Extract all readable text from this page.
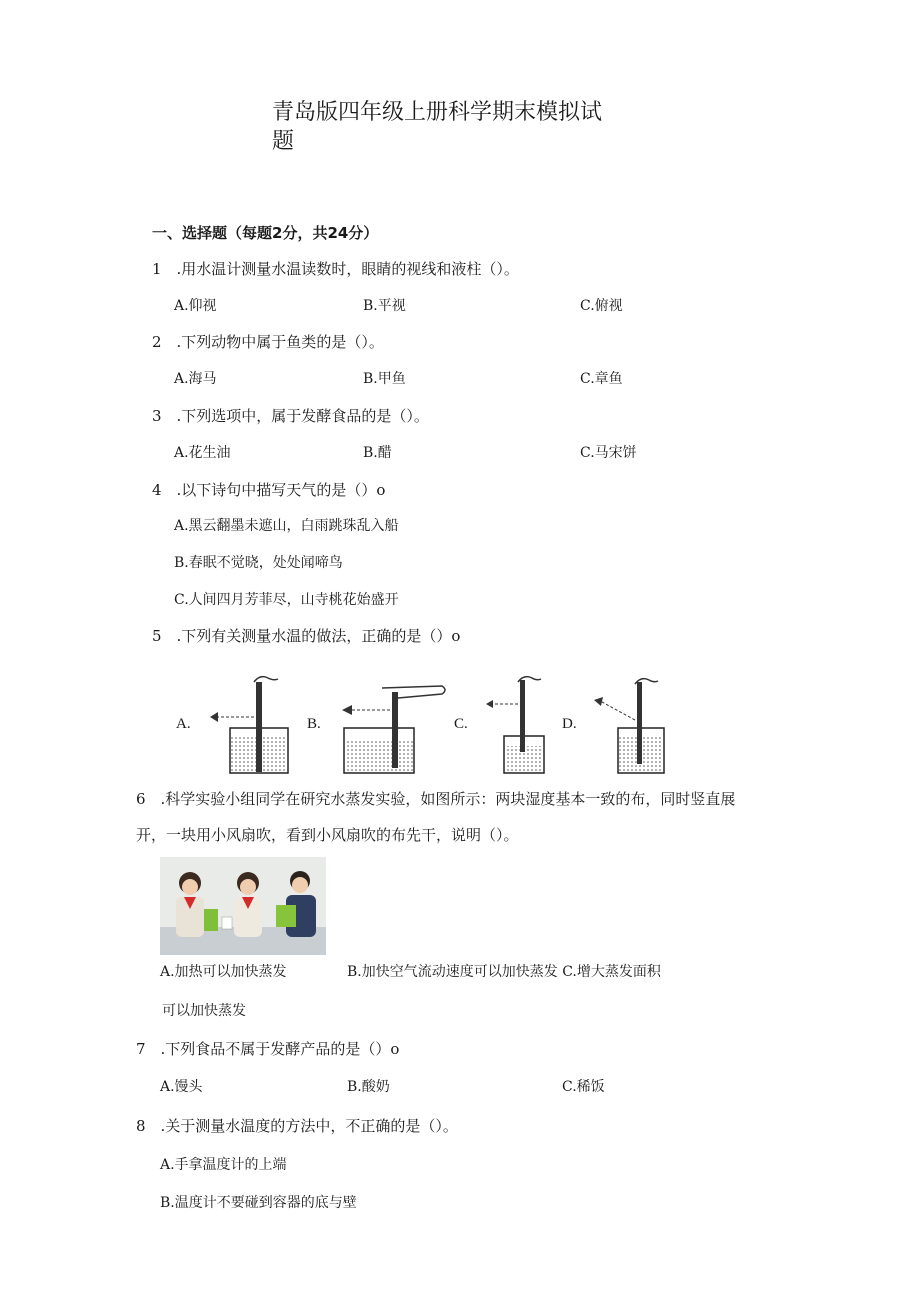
青岛版四年级上册科学期末模拟试题
一、选择题（每题2分，共24分）
1　.用水温计测量水温读数时，眼睛的视线和液柱（）。
A.仰视	B.平视	C.俯视
2　.下列动物中属于鱼类的是（）。
A.海马	B.甲鱼	C.章鱼
3　.下列选项中，属于发酵食品的是（）。
A.花生油	B.醋	C.马宋饼
4　.以下诗句中描写天气的是（）o
A.黑云翻墨未遮山，白雨跳珠乱入船
B.春眠不觉晓，处处闻啼鸟
C.人间四月芳菲尽，山寺桃花始盛开
5　.下列有关测量水温的做法，正确的是（）o
A.	B.	C.	D.
6　.科学实验小组同学在研究水蒸发实验，如图所示：两块湿度基本一致的布，同时竖直展
开，一块用小风扇吹，看到小风扇吹的布先干，说明（）。
A.加热可以加快蒸发	B.加快空气流动速度可以加快蒸发 C.增大蒸发面积
可以加快蒸发
7　.下列食品不属于发酵产品的是（）o
A.馒头	B.酸奶	C.稀饭
8　.关于测量水温度的方法中，不正确的是（）。
A.手拿温度计的上端
B.温度计不要碰到容器的底与壁
